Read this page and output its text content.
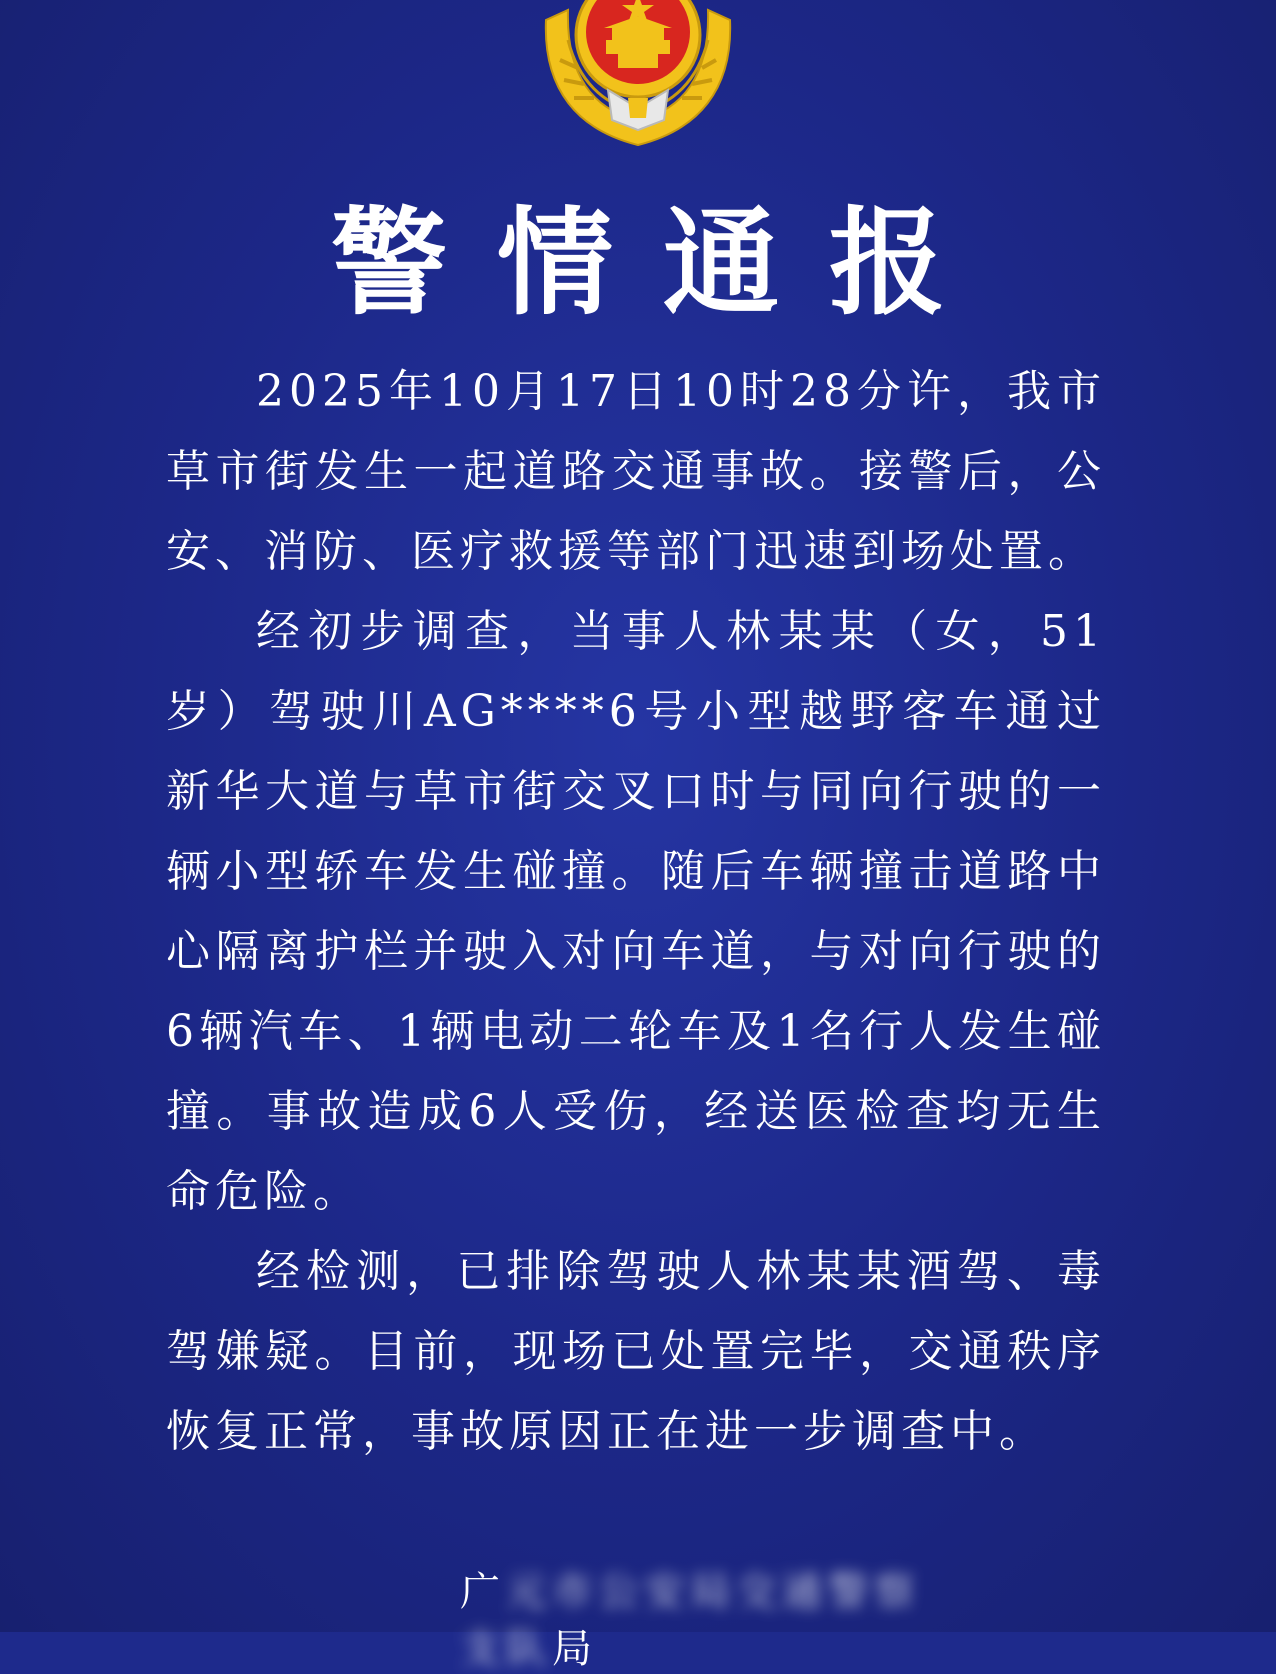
警情通报

2025年10月17日10时28分许，我市草市街发生一起道路交通事故。接警后，公安、消防、医疗救援等部门迅速到场处置。

经初步调查，当事人林某某（女，51岁）驾驶川AG****6号小型越野客车通过新华大道与草市街交叉口时与同向行驶的一辆小型轿车发生碰撞。随后车辆撞击道路中心隔离护栏并驶入对向车道，与对向行驶的6辆汽车、1辆电动二轮车及1名行人发生碰撞。事故造成6人受伤，经送医检查均无生命危险。

经检测，已排除驾驶人林某某酒驾、毒驾嫌疑。目前，现场已处置完毕，交通秩序恢复正常，事故原因正在进一步调查中。

广元市公安局交通警察支队局
